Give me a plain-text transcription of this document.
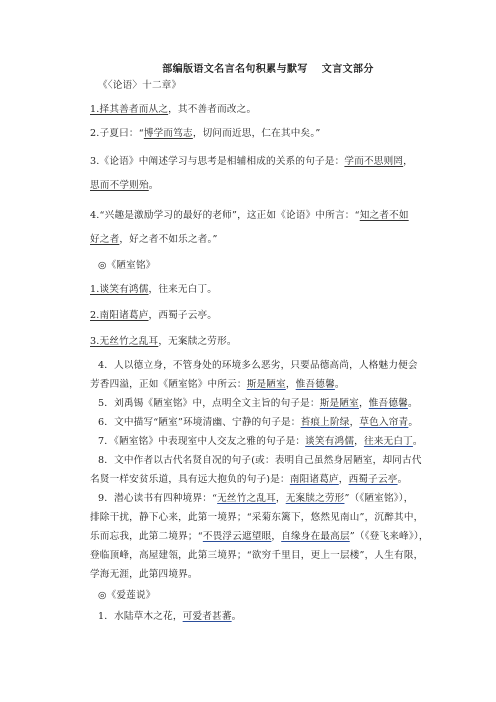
部编版语文名言名句积累与默写 文言文部分
《〈论语〉十二章》
1.择其善者而从之，其不善者而改之。
2.子夏曰：“博学而笃志，切问而近思，仁在其中矣。”
3.《论语》中阐述学习与思考是相辅相成的关系的句子是：学而不思则罔，
思而不学则殆。
4.“兴趣是激励学习的最好的老师”，这正如《论语》中所言：“知之者不如
好之者，好之者不如乐之者。”
◎《陋室铭》
1.谈笑有鸿儒，往来无白丁。
2.南阳诸葛庐，西蜀子云亭。
3.无丝竹之乱耳，无案牍之劳形。
4．人以德立身，不管身处的环境多么恶劣，只要品德高尚，人格魅力便会
芳香四溢，正如《陋室铭》中所云：斯是陋室，惟吾德馨。
5．刘禹锡《陋室铭》中，点明全文主旨的句子是：斯是陋室，惟吾德馨。
6．文中描写“陋室”环境清幽、宁静的句子是：苔痕上阶绿，草色入帘青。
7．《陋室铭》中表现室中人交友之雅的句子是：谈笑有鸿儒，往来无白丁。
8．文中作者以古代名贤自况的句子(或：表明自己虽然身居陋室，却同古代
名贤一样安贫乐道，具有远大抱负的句子)是：南阳诸葛庐，西蜀子云亭。
9．潜心读书有四种境界：“无丝竹之乱耳，无案牍之劳形”（《陋室铭》），
排除干扰，静下心来，此第一境界；“采菊东篱下，悠然见南山”，沉醉其中，
乐而忘我，此第二境界；“不畏浮云遮望眼，自缘身在最高层”（《登飞来峰》），
登临顶峰，高屋建瓴，此第三境界；“欲穷千里目，更上一层楼”，人生有限，
学海无涯，此第四境界。
◎《爱莲说》
1．水陆草木之花，可爱者甚蕃。
